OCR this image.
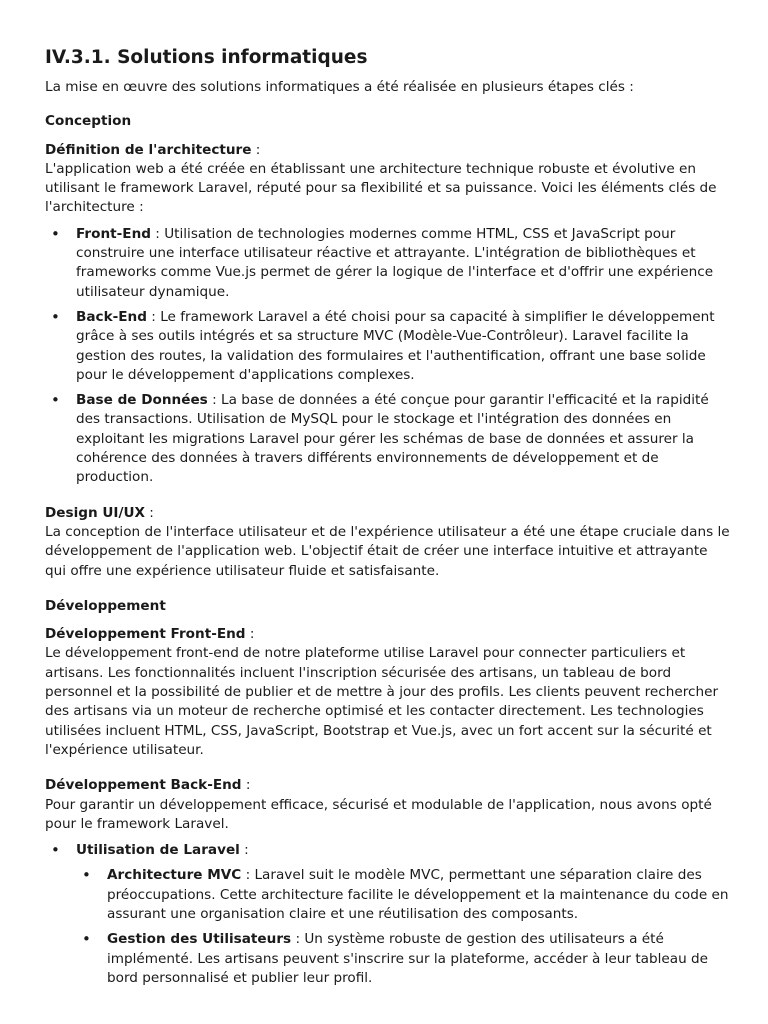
IV.3.1. Solutions informatiques

La mise en œuvre des solutions informatiques a été réalisée en plusieurs étapes clés :

Conception

Définition de l'architecture :
L'application web a été créée en établissant une architecture technique robuste et évolutive en utilisant le framework Laravel, réputé pour sa flexibilité et sa puissance. Voici les éléments clés de l'architecture :

• Front-End : Utilisation de technologies modernes comme HTML, CSS et JavaScript pour construire une interface utilisateur réactive et attrayante. L'intégration de bibliothèques et frameworks comme Vue.js permet de gérer la logique de l'interface et d'offrir une expérience utilisateur dynamique.
• Back-End : Le framework Laravel a été choisi pour sa capacité à simplifier le développement grâce à ses outils intégrés et sa structure MVC (Modèle-Vue-Contrôleur). Laravel facilite la gestion des routes, la validation des formulaires et l'authentification, offrant une base solide pour le développement d'applications complexes.
• Base de Données : La base de données a été conçue pour garantir l'efficacité et la rapidité des transactions. Utilisation de MySQL pour le stockage et l'intégration des données en exploitant les migrations Laravel pour gérer les schémas de base de données et assurer la cohérence des données à travers différents environnements de développement et de production.

Design UI/UX :
La conception de l'interface utilisateur et de l'expérience utilisateur a été une étape cruciale dans le développement de l'application web. L'objectif était de créer une interface intuitive et attrayante qui offre une expérience utilisateur fluide et satisfaisante.

Développement

Développement Front-End :
Le développement front-end de notre plateforme utilise Laravel pour connecter particuliers et artisans. Les fonctionnalités incluent l'inscription sécurisée des artisans, un tableau de bord personnel et la possibilité de publier et de mettre à jour des profils. Les clients peuvent rechercher des artisans via un moteur de recherche optimisé et les contacter directement. Les technologies utilisées incluent HTML, CSS, JavaScript, Bootstrap et Vue.js, avec un fort accent sur la sécurité et l'expérience utilisateur.

Développement Back-End :
Pour garantir un développement efficace, sécurisé et modulable de l'application, nous avons opté pour le framework Laravel.

• Utilisation de Laravel :
• Architecture MVC : Laravel suit le modèle MVC, permettant une séparation claire des préoccupations. Cette architecture facilite le développement et la maintenance du code en assurant une organisation claire et une réutilisation des composants.
• Gestion des Utilisateurs : Un système robuste de gestion des utilisateurs a été implémenté. Les artisans peuvent s'inscrire sur la plateforme, accéder à leur tableau de bord personnalisé et publier leur profil.
